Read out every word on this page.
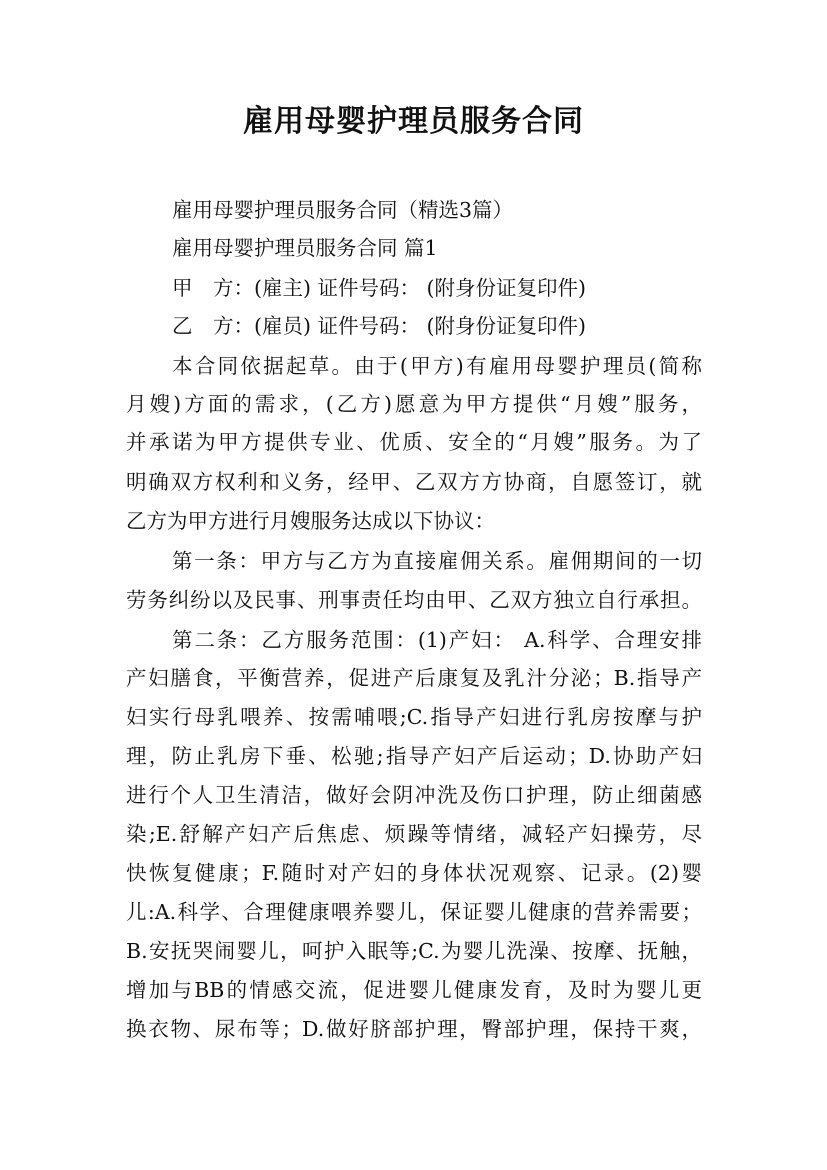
雇用母婴护理员服务合同
雇用母婴护理员服务合同（精选3篇）
雇用母婴护理员服务合同 篇1
甲　方：(雇主) 证件号码： (附身份证复印件)
乙　方：(雇员) 证件号码： (附身份证复印件)
本合同依据起草。由于(甲方)有雇用母婴护理员(简称
月嫂)方面的需求，(乙方)愿意为甲方提供“月嫂”服务，
并承诺为甲方提供专业、优质、安全的“月嫂”服务。为了
明确双方权利和义务，经甲、乙双方方协商，自愿签订，就
乙方为甲方进行月嫂服务达成以下协议：
第一条：甲方与乙方为直接雇佣关系。雇佣期间的一切
劳务纠纷以及民事、刑事责任均由甲、乙双方独立自行承担。
第二条：乙方服务范围：(1)产妇： A.科学、合理安排
产妇膳食，平衡营养，促进产后康复及乳汁分泌；B.指导产
妇实行母乳喂养、按需哺喂;C.指导产妇进行乳房按摩与护
理，防止乳房下垂、松驰;指导产妇产后运动；D.协助产妇
进行个人卫生清洁，做好会阴冲洗及伤口护理，防止细菌感
染;E.舒解产妇产后焦虑、烦躁等情绪，减轻产妇操劳，尽
快恢复健康；F.随时对产妇的身体状况观察、记录。(2)婴
儿:A.科学、合理健康喂养婴儿，保证婴儿健康的营养需要；
B.安抚哭闹婴儿，呵护入眠等;C.为婴儿洗澡、按摩、抚触，
增加与BB的情感交流，促进婴儿健康发育，及时为婴儿更
换衣物、尿布等；D.做好脐部护理，臀部护理，保持干爽，
